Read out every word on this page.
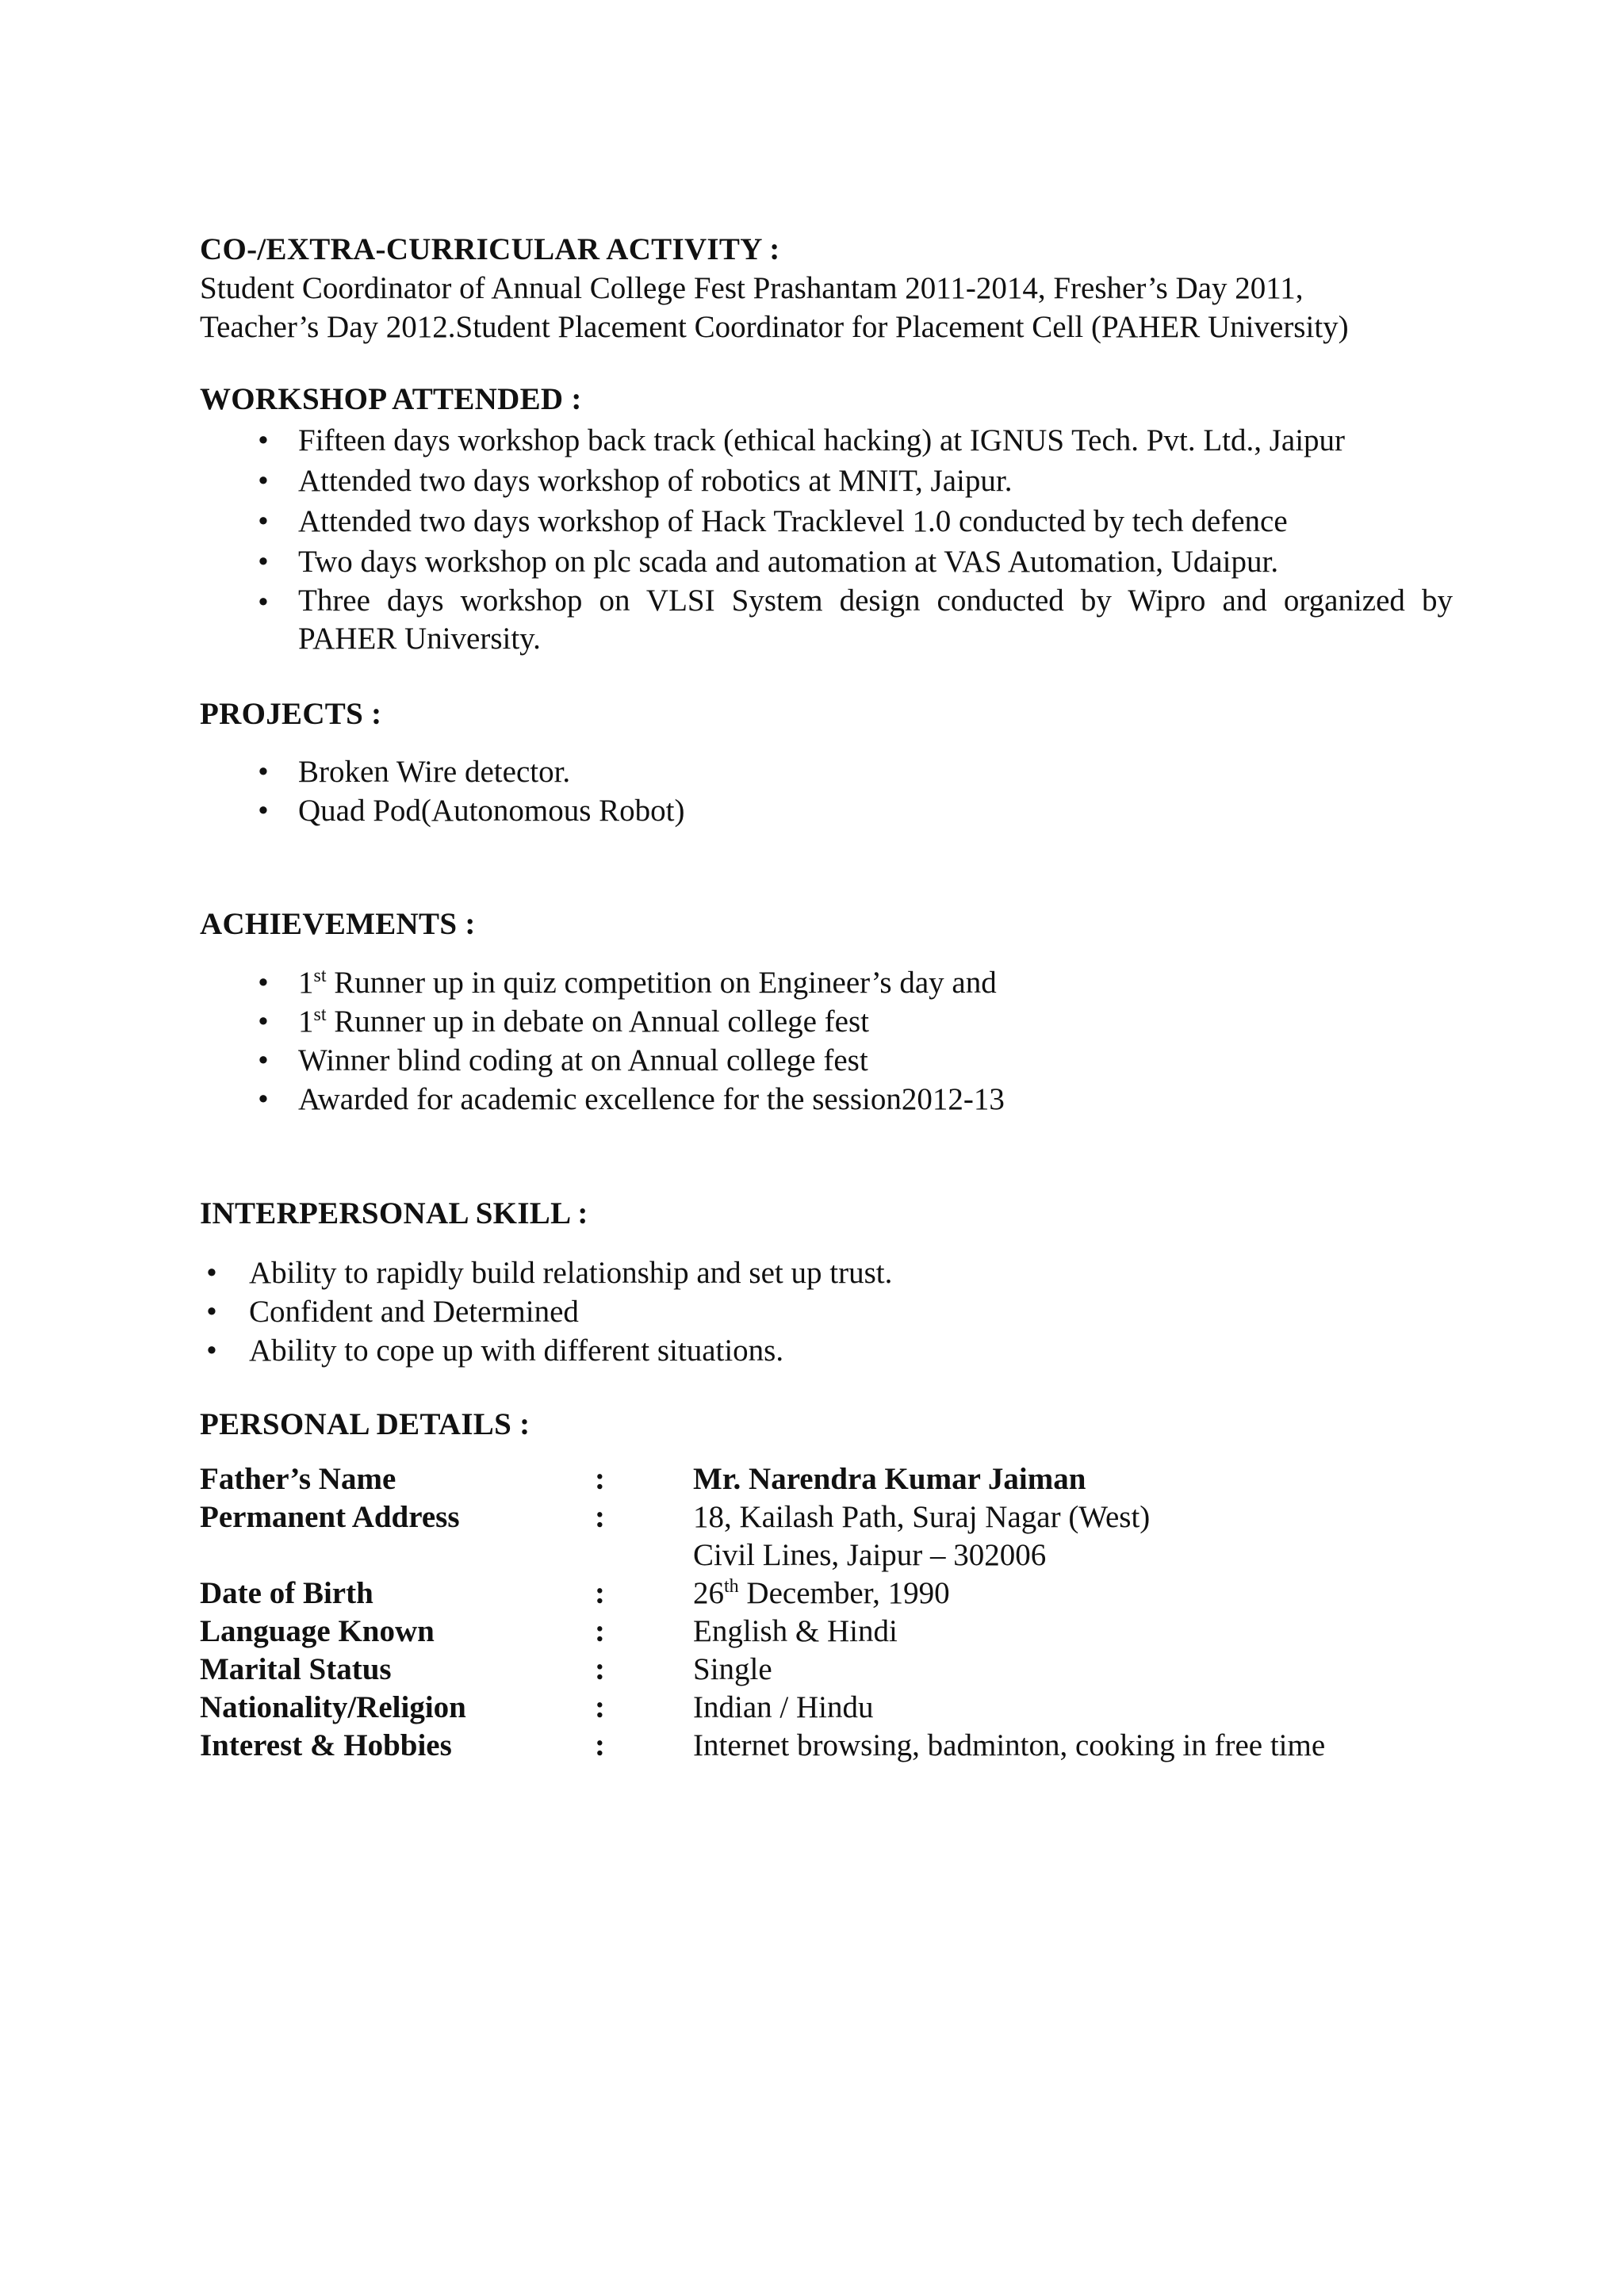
CO-/EXTRA-CURRICULAR ACTIVITY :

Student Coordinator of Annual College Fest Prashantam 2011-2014, Fresher’s Day 2011,

Teacher’s Day 2012.Student Placement Coordinator for Placement Cell (PAHER University)

WORKSHOP ATTENDED :

• Fifteen days workshop back track (ethical hacking) at IGNUS Tech. Pvt. Ltd., Jaipur
• Attended two days workshop of robotics at MNIT, Jaipur.
• Attended two days workshop of Hack Tracklevel 1.0 conducted by tech defence
• Two days workshop on plc scada and automation at VAS Automation, Udaipur.
• Three days workshop on VLSI System design conducted by Wipro and organized by
PAHER University.

PROJECTS :

• Broken Wire detector.
• Quad Pod(Autonomous Robot)

ACHIEVEMENTS :

• 1st Runner up in quiz competition on Engineer’s day and
• 1st Runner up in debate on Annual college fest
• Winner blind coding at on Annual college fest
• Awarded for academic excellence for the session2012-13

INTERPERSONAL SKILL :

• Ability to rapidly build relationship and set up trust.
• Confident and Determined
• Ability to cope up with different situations.

PERSONAL DETAILS :

Father’s Name	:	Mr. Narendra Kumar Jaiman
Permanent Address	:	18, Kailash Path, Suraj Nagar (West)
Civil Lines, Jaipur – 302006

Date of Birth	:	26th December, 1990
Language Known	:	English & Hindi
Marital Status	:	Single
Nationality/Religion	:	Indian / Hindu
Interest & Hobbies	:	Internet browsing, badminton, cooking in free time
